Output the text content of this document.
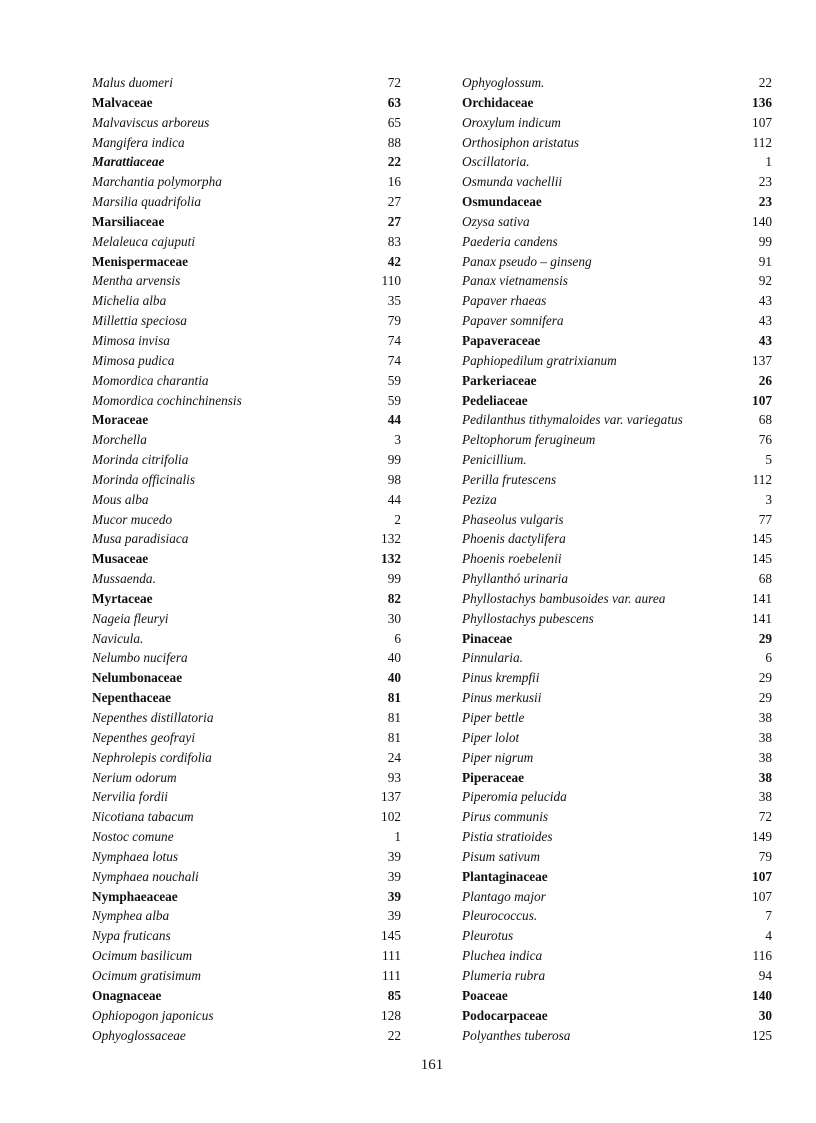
Malus duomeri	72
Malvaceae	63
Malvaviscus arboreus	65
Mangifera indica	88
Marattiaceae	22
Marchantia polymorpha	16
Marsilia quadrifolia	27
Marsiliaceae	27
Melaleuca cajuputi	83
Menispermaceae	42
Mentha arvensis	110
Michelia alba	35
Millettia speciosa	79
Mimosa invisa	74
Mimosa pudica	74
Momordica charantia	59
Momordica cochinchinensis	59
Moraceae	44
Morchella	3
Morinda citrifolia	99
Morinda officinalis	98
Mous alba	44
Mucor mucedo	2
Musa paradisiaca	132
Musaceae	132
Mussaenda.	99
Myrtaceae	82
Nageia fleuryi	30
Navicula.	6
Nelumbo nucifera	40
Nelumbonaceae	40
Nepenthaceae	81
Nepenthes distillatoria	81
Nepenthes geofrayi	81
Nephrolepis cordifolia	24
Nerium odorum	93
Nervilia fordii	137
Nicotiana tabacum	102
Nostoc comune	1
Nymphaea lotus	39
Nymphaea nouchali	39
Nymphaeaceae	39
Nymphea alba	39
Nypa fruticans	145
Ocimum basilicum	111
Ocimum gratisimum	111
Onagnaceae	85
Ophiopogon japonicus	128
Ophyoglossaceae	22
Ophyoglossum.	22
Orchidaceae	136
Oroxylum indicum	107
Orthosiphon aristatus	112
Oscillatoria.	1
Osmunda vachellii	23
Osmundaceae	23
Ozysa sativa	140
Paederia candens	99
Panax pseudo – ginseng	91
Panax vietnamensis	92
Papaver rhaeas	43
Papaver somnifera	43
Papaveraceae	43
Paphiopedilum gratrixianum	137
Parkeriaceae	26
Pedeliaceae	107
Pedilanthus tithymaloides var. variegatus	68
Peltophorum ferugineum	76
Penicillium.	5
Perilla frutescens	112
Peziza	3
Phaseolus vulgaris	77
Phoenis dactylifera	145
Phoenis roebelenii	145
Phyllanthó urinaria	68
Phyllostachys bambusoides var. aurea	141
Phyllostachys pubescens	141
Pinaceae	29
Pinnularia.	6
Pinus krempfii	29
Pinus merkusii	29
Piper bettle	38
Piper lolot	38
Piper nigrum	38
Piperaceae	38
Piperomia pelucida	38
Pirus communis	72
Pistia stratioides	149
Pisum sativum	79
Plantaginaceae	107
Plantago major	107
Pleurococcus.	7
Pleurotus	4
Pluchea indica	116
Plumeria rubra	94
Poaceae	140
Podocarpaceae	30
Polyanthes tuberosa	125
161
